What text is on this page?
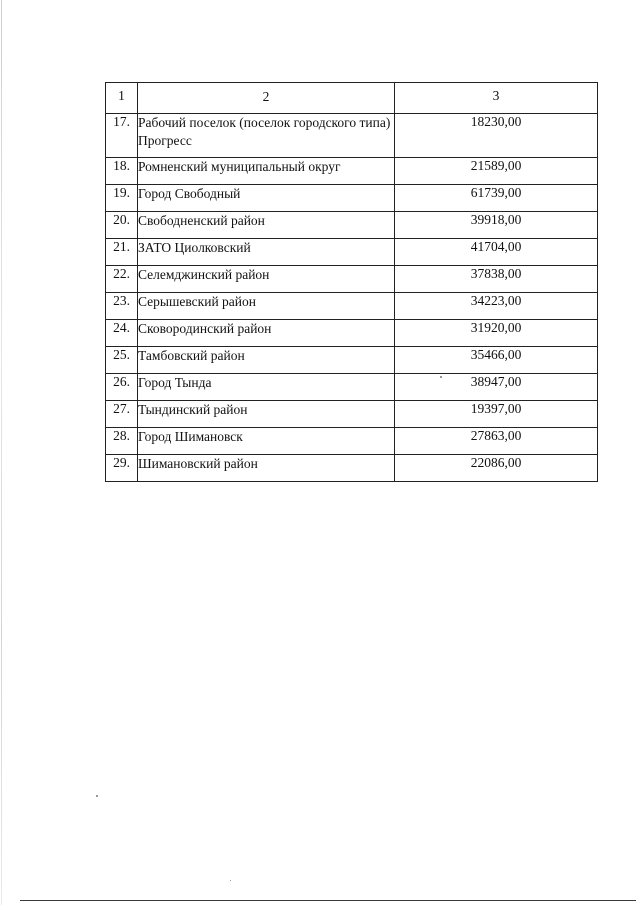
1	2	3
17.	Рабочий поселок (поселок городского типа) Прогресс	18230,00
18.	Ромненский муниципальный округ	21589,00
19.	Город Свободный	61739,00
20.	Свободненский район	39918,00
21.	ЗАТО Циолковский	41704,00
22.	Селемджинский район	37838,00
23.	Серышевский район	34223,00
24.	Сковородинский район	31920,00
25.	Тамбовский район	35466,00
26.	Город Тында	38947,00
27.	Тындинский район	19397,00
28.	Город Шимановск	27863,00
29.	Шимановский район	22086,00
